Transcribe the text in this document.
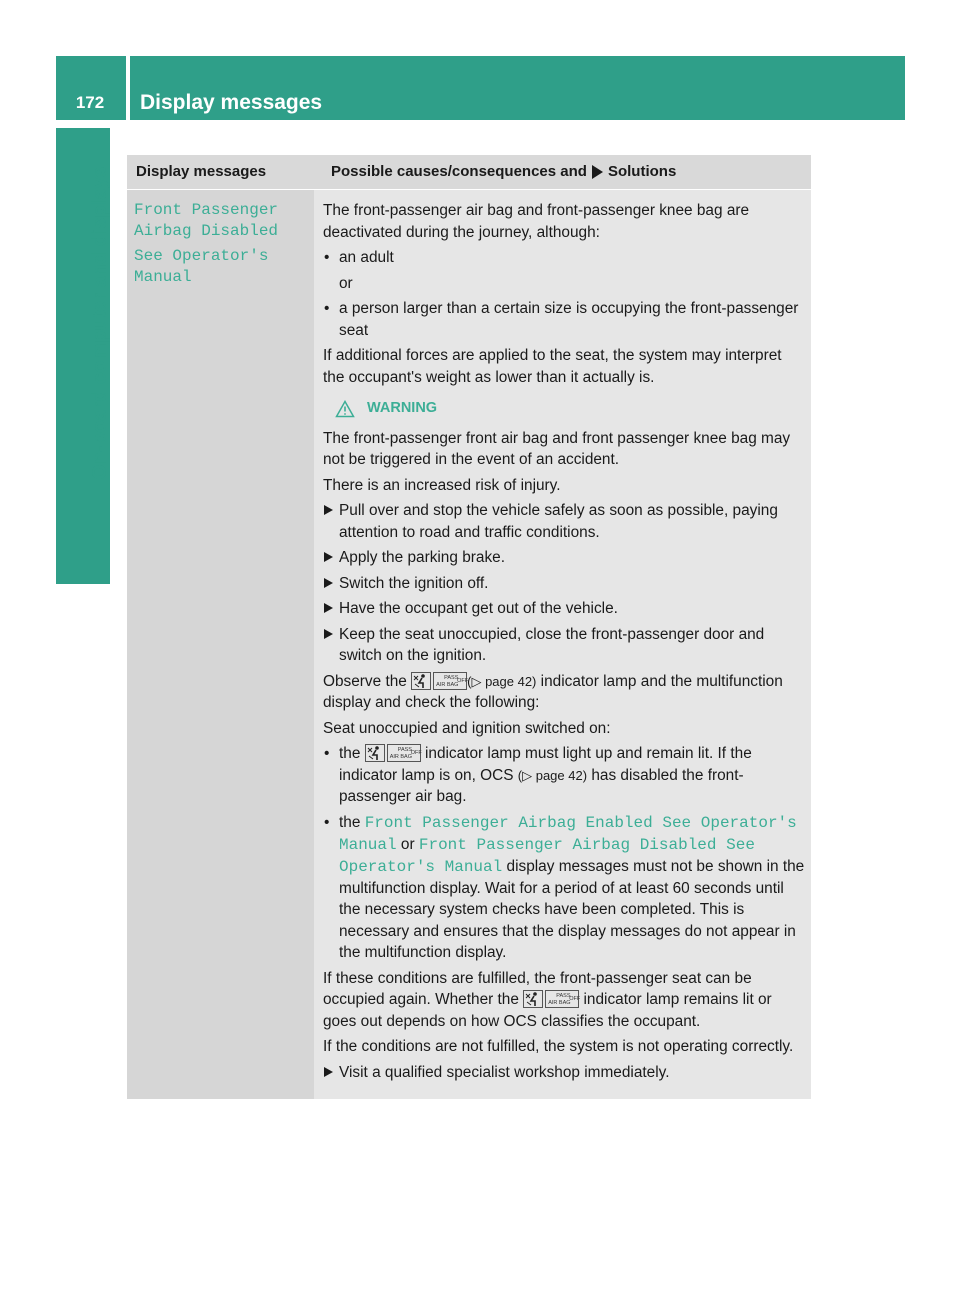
172	Display messages
On-board computer and displays	Display messages	Possible causes/consequences and Solutions
Front Passenger
Airbag Disabled
See Operator's
Manual

The front-passenger air bag and front-passenger knee bag are deactivated during the journey, although:

• an adult

or

• a person larger than a certain size is occupying the front-passenger seat

If additional forces are applied to the seat, the system may interpret the occupant's weight as lower than it actually is.

WARNING

The front-passenger front air bag and front passenger knee bag may not be triggered in the event of an accident.

There is an increased risk of injury.

Pull over and stop the vehicle safely as soon as possible, paying attention to road and traffic conditions.

Apply the parking brake.

Switch the ignition off.

Have the occupant get out of the vehicle.

Keep the seat unoccupied, close the front-passenger door and switch on the ignition.

Observe the	PASS
AIR BAG
OFF (▷ page 42) indicator lamp and the multifunction display and check the following:

Seat unoccupied and ignition switched on:

• the	PASS
AIR BAG
OFF indicator lamp must light up and remain lit. If the indicator lamp is on, OCS (▷ page 42) has disabled the front-passenger air bag.

• the Front Passenger Airbag Enabled See Operator's Manual or Front Passenger Airbag Disabled See Operator's Manual display messages must not be shown in the multifunction display. Wait for a period of at least 60 seconds until the necessary system checks have been completed. This is necessary and ensures that the display messages do not appear in the multifunction display.

If these conditions are fulfilled, the front-passenger seat can be occupied again. Whether the	PASS
AIR BAG
OFF indicator lamp remains lit or goes out depends on how OCS classifies the occupant.

If the conditions are not fulfilled, the system is not operating correctly.

Visit a qualified specialist workshop immediately.
